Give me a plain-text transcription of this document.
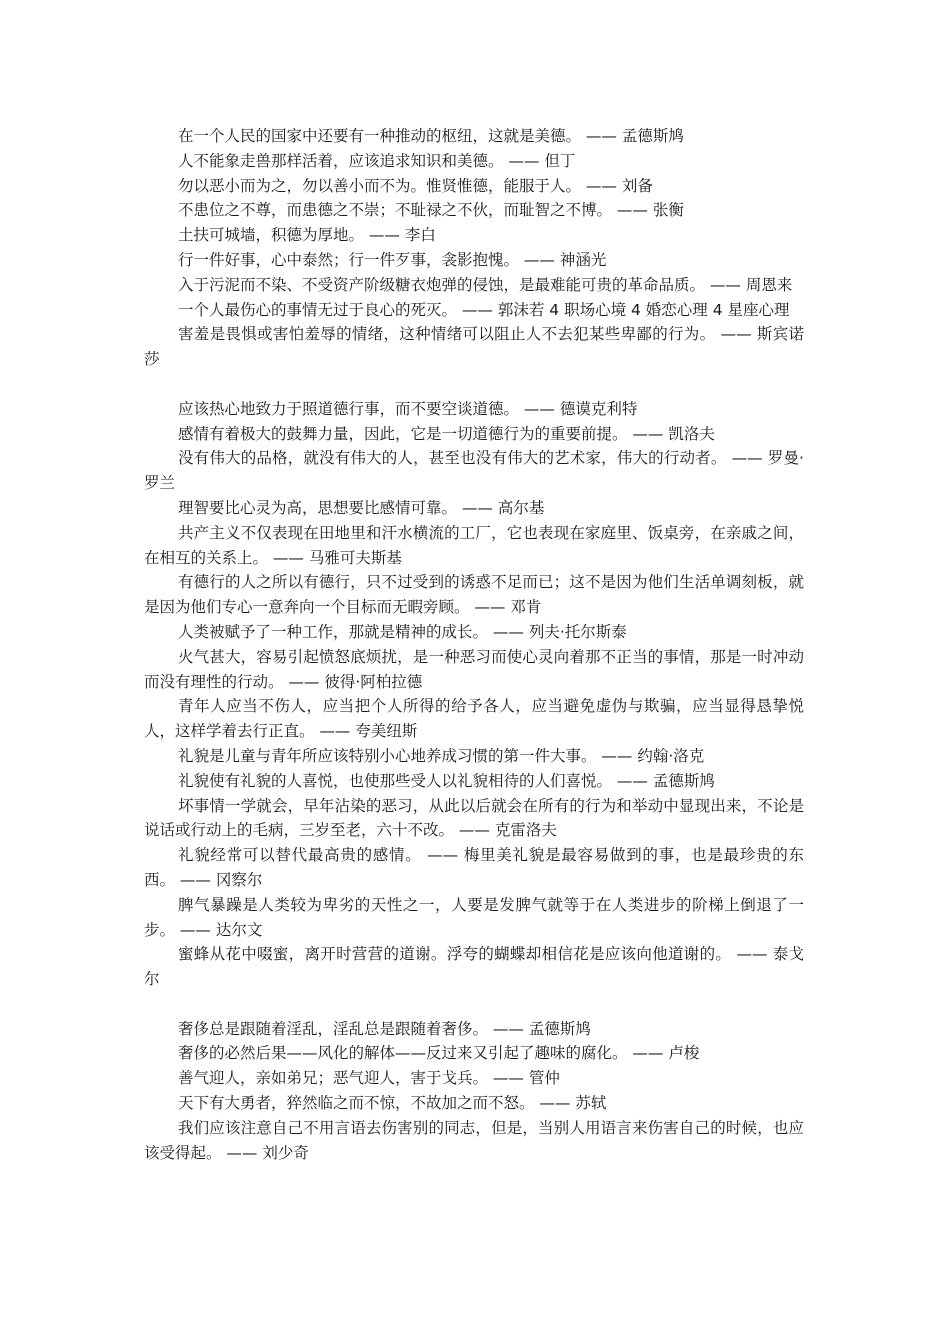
在一个人民的国家中还要有一种推动的枢纽，这就是美德。 —— 孟德斯鸠

人不能象走兽那样活着，应该追求知识和美德。 —— 但丁

勿以恶小而为之，勿以善小而不为。惟贤惟德，能服于人。 —— 刘备

不患位之不尊，而患德之不崇；不耻禄之不伙，而耻智之不博。 —— 张衡

土扶可城墙，积德为厚地。 —— 李白

行一件好事，心中泰然；行一件歹事，衾影抱愧。 —— 神涵光

入于污泥而不染、不受资产阶级糖衣炮弹的侵蚀，是最难能可贵的革命品质。 —— 周恩来

一个人最伤心的事情无过于良心的死灭。 —— 郭沫若 4 职场心境 4 婚恋心理 4 星座心理

害羞是畏惧或害怕羞辱的情绪，这种情绪可以阻止人不去犯某些卑鄙的行为。 —— 斯宾诺莎

应该热心地致力于照道德行事，而不要空谈道德。 —— 德谟克利特

感情有着极大的鼓舞力量，因此，它是一切道德行为的重要前提。 —— 凯洛夫

没有伟大的品格，就没有伟大的人，甚至也没有伟大的艺术家，伟大的行动者。 —— 罗曼·罗兰

理智要比心灵为高，思想要比感情可靠。 —— 高尔基

共产主义不仅表现在田地里和汗水横流的工厂，它也表现在家庭里、饭桌旁，在亲戚之间，在相互的关系上。 —— 马雅可夫斯基

有德行的人之所以有德行，只不过受到的诱惑不足而已；这不是因为他们生活单调刻板，就是因为他们专心一意奔向一个目标而无暇旁顾。 —— 邓肯

人类被赋予了一种工作，那就是精神的成长。 —— 列夫·托尔斯泰

火气甚大，容易引起愤怒底烦扰，是一种恶习而使心灵向着那不正当的事情，那是一时冲动而没有理性的行动。 —— 彼得·阿柏拉德

青年人应当不伤人，应当把个人所得的给予各人，应当避免虚伪与欺骗，应当显得恳挚悦人，这样学着去行正直。 —— 夸美纽斯

礼貌是儿童与青年所应该特别小心地养成习惯的第一件大事。 —— 约翰·洛克

礼貌使有礼貌的人喜悦，也使那些受人以礼貌相待的人们喜悦。 —— 孟德斯鸠

坏事情一学就会，早年沾染的恶习，从此以后就会在所有的行为和举动中显现出来，不论是说话或行动上的毛病，三岁至老，六十不改。 —— 克雷洛夫

礼貌经常可以替代最高贵的感情。 —— 梅里美礼貌是最容易做到的事，也是最珍贵的东西。 —— 冈察尔

脾气暴躁是人类较为卑劣的天性之一，人要是发脾气就等于在人类进步的阶梯上倒退了一步。 —— 达尔文

蜜蜂从花中啜蜜，离开时营营的道谢。浮夸的蝴蝶却相信花是应该向他道谢的。 —— 泰戈尔

奢侈总是跟随着淫乱，淫乱总是跟随着奢侈。 —— 孟德斯鸠

奢侈的必然后果——风化的解体——反过来又引起了趣味的腐化。 —— 卢梭

善气迎人，亲如弟兄；恶气迎人，害于戈兵。 —— 管仲

天下有大勇者，猝然临之而不惊，不故加之而不怒。 —— 苏轼

我们应该注意自己不用言语去伤害别的同志，但是，当别人用语言来伤害自己的时候，也应该受得起。 —— 刘少奇
